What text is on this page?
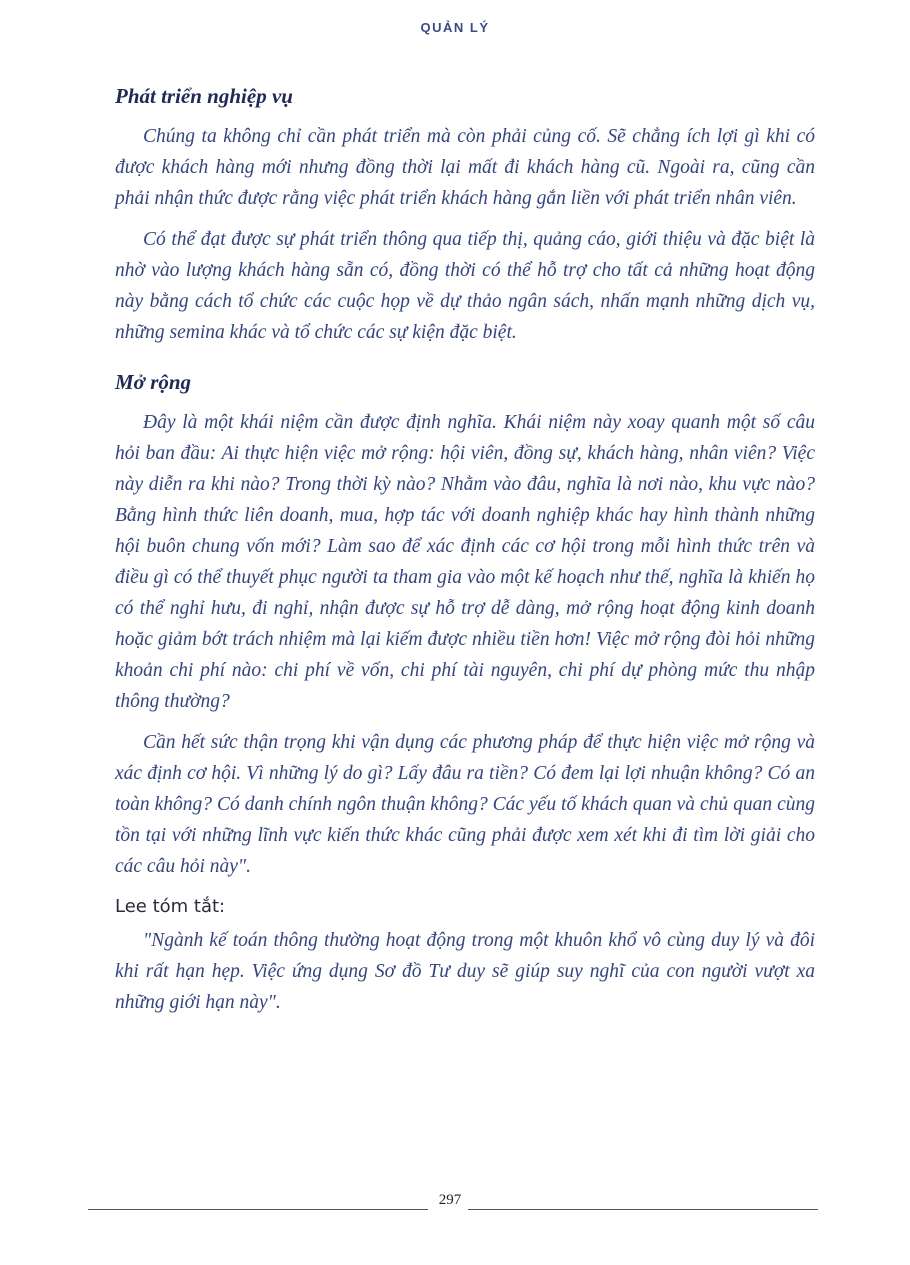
QUẢN LÝ
Phát triển nghiệp vụ

Chúng ta không chỉ cần phát triển mà còn phải củng cố. Sẽ chẳng ích lợi gì khi có được khách hàng mới nhưng đồng thời lại mất đi khách hàng cũ. Ngoài ra, cũng cần phải nhận thức được rằng việc phát triển khách hàng gắn liền với phát triển nhân viên.

Có thể đạt được sự phát triển thông qua tiếp thị, quảng cáo, giới thiệu và đặc biệt là nhờ vào lượng khách hàng sẵn có, đồng thời có thể hỗ trợ cho tất cả những hoạt động này bằng cách tổ chức các cuộc họp về dự thảo ngân sách, nhấn mạnh những dịch vụ, những semina khác và tổ chức các sự kiện đặc biệt.

Mở rộng

Đây là một khái niệm cần được định nghĩa. Khái niệm này xoay quanh một số câu hỏi ban đầu: Ai thực hiện việc mở rộng: hội viên, đồng sự, khách hàng, nhân viên? Việc này diễn ra khi nào? Trong thời kỳ nào? Nhằm vào đâu, nghĩa là nơi nào, khu vực nào? Bằng hình thức liên doanh, mua, hợp tác với doanh nghiệp khác hay hình thành những hội buôn chung vốn mới? Làm sao để xác định các cơ hội trong mỗi hình thức trên và điều gì có thể thuyết phục người ta tham gia vào một kế hoạch như thế, nghĩa là khiến họ có thể nghỉ hưu, đi nghỉ, nhận được sự hỗ trợ dễ dàng, mở rộng hoạt động kinh doanh hoặc giảm bớt trách nhiệm mà lại kiếm được nhiều tiền hơn! Việc mở rộng đòi hỏi những khoản chi phí nào: chi phí về vốn, chi phí tài nguyên, chi phí dự phòng mức thu nhập thông thường?

Cần hết sức thận trọng khi vận dụng các phương pháp để thực hiện việc mở rộng và xác định cơ hội. Vì những lý do gì? Lấy đâu ra tiền? Có đem lại lợi nhuận không? Có an toàn không? Có danh chính ngôn thuận không? Các yếu tố khách quan và chủ quan cùng tồn tại với những lĩnh vực kiến thức khác cũng phải được xem xét khi đi tìm lời giải cho các câu hỏi này".

Lee tóm tắt:

"Ngành kế toán thông thường hoạt động trong một khuôn khổ vô cùng duy lý và đôi khi rất hạn hẹp. Việc ứng dụng Sơ đồ Tư duy sẽ giúp suy nghĩ của con người vượt xa những giới hạn này".

297
